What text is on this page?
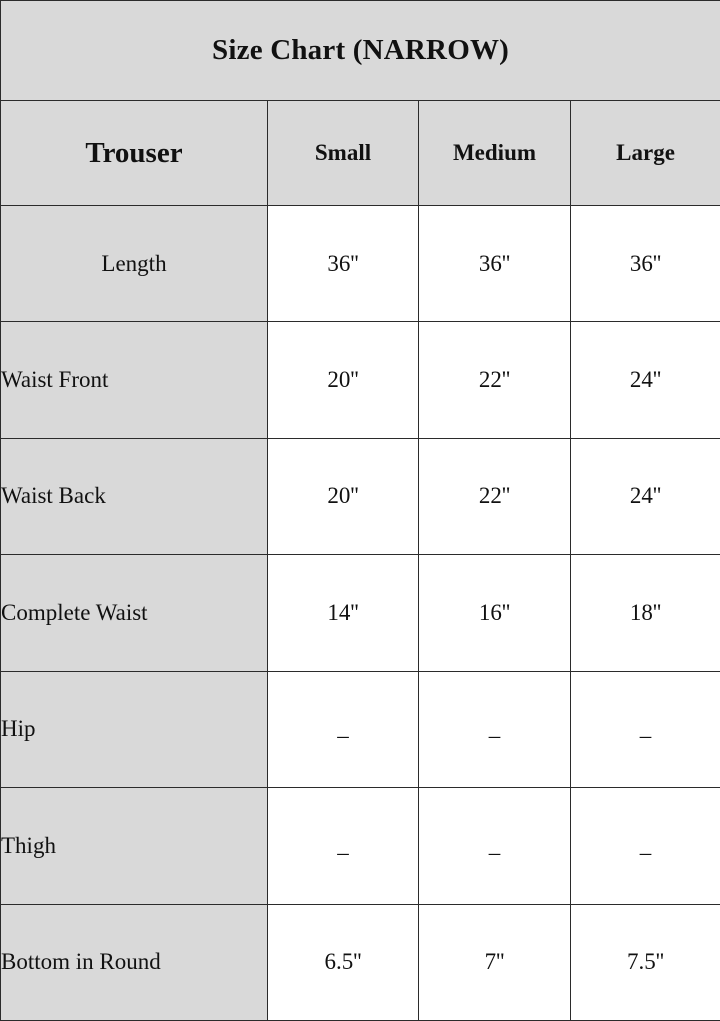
Size Chart (NARROW)			
Trouser	Small	Medium	Large
Length	36''	36''	36''
Waist Front	20''	22''	24''
Waist Back	20''	22''	24''
Complete Waist	14''	16''	18''
Hip	–	–	–
Thigh	–	–	–
Bottom in Round	6.5''	7''	7.5''
